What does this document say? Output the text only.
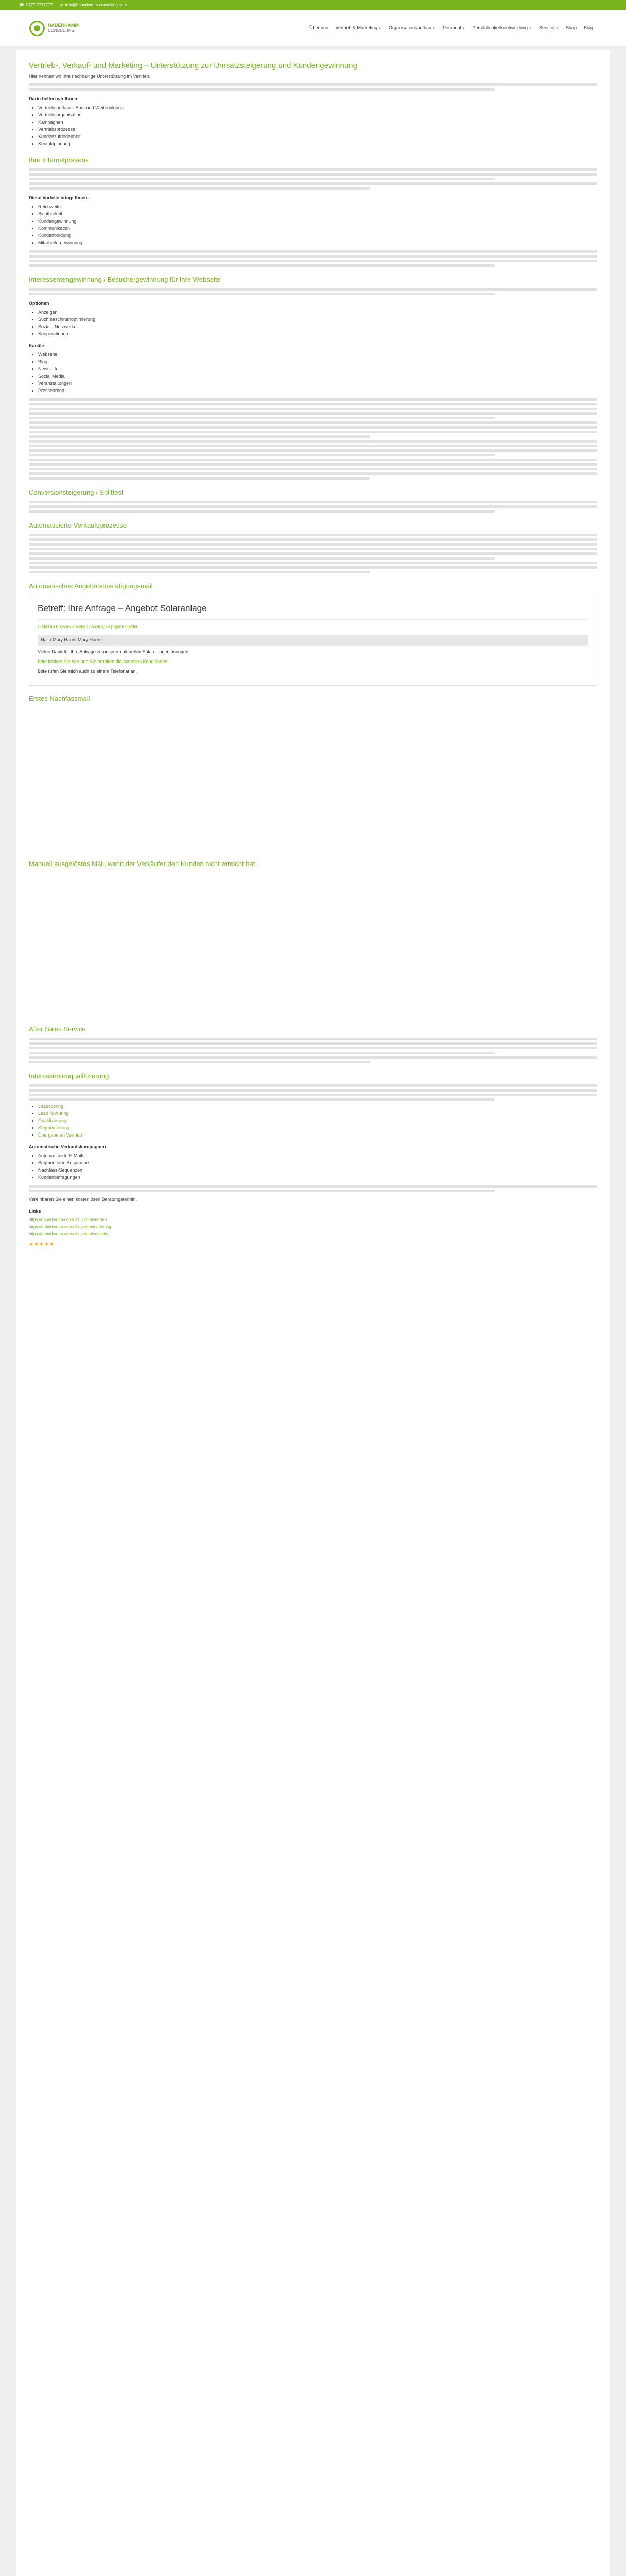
☎ 0777 7777777 ✉ info@haberkamm-consulting.com
HABERKAMM
CONSULTING
Über uns Vertrieb & Marketing ▼ Organisationsaufbau ▼ Personal ▼ Persönlichkeitsentwicklung ▼ Service ▼ Shop Blog
Vertrieb-, Verkauf- und Marketing – Unterstützung zur Umsatzsteigerung und Kundengewinnung

Hier nennen wir Ihre nachhaltige Unterstützung im Vertrieb.

Darin helfen wir Ihnen:
• Vertriebsaufbau – Aus- und Weiterbildung
• Vertriebsorganisation
• Kampagnen
• Vertriebsprozesse
• Kundenzufriedenheit
• Kontaktplanung
Ihre Internetpräsenz
Diese Vorteile bringt Ihnen:
• Reichweite
• Sichtbarkeit
• Kundengewinnung
• Kommunikation
• Kundenbindung
• Mitarbeitergewinnung
Interessentengewinnung / Besuchergewinnung für Ihre Webseite
Optionen
• Anzeigen
• Suchmaschinenoptimierung
• Soziale Netzwerke
• Kooperationen
Kanäle
• Webseite
• Blog
• Newsletter
• Social Media
• Veranstaltungen
• Pressearbeit
Conversionsteigerung / Splittest
Automatisierte Verkaufsprozesse
Automatisches Angebotsbestätigungsmail
Betreff: Ihre Anfrage – Angebot Solaranlage
E-Mail im Browser ansehen | Austragen | Spam melden
Hallo Mary Harris Mary Harris!
Vielen Dank für Ihre Anfrage zu unserem aktuellen Solaranlagenlösungen.
Bitte klicken Sie hier und Sie erhalten die aktuellen Konditionen!
Bitte rufen Sie mich auch zu einem Telefonat an.
Erstes Nachfassmail
Manuell ausgelöstes Mail, wenn der Verkäufer den Kunden nicht erreicht hat:
After Sales Service
Interessentenqualifizierung
• Leadscoring
• Lead Nurturing
• Qualifizierung
• Segmentierung
• Übergabe an Vertrieb
Automatische Verkaufskampagnen
• Automatisierte E-Mails
• Segmentierte Ansprache
• Nachfass-Sequenzen
• Kundenbefragungen

Vereinbaren Sie einen kostenlosen Beratungstermin.

Links
https://haberkamm-consulting.com/vertrieb
https://haberkamm-consulting.com/marketing
https://haberkamm-consulting.com/coaching
★★★★★
